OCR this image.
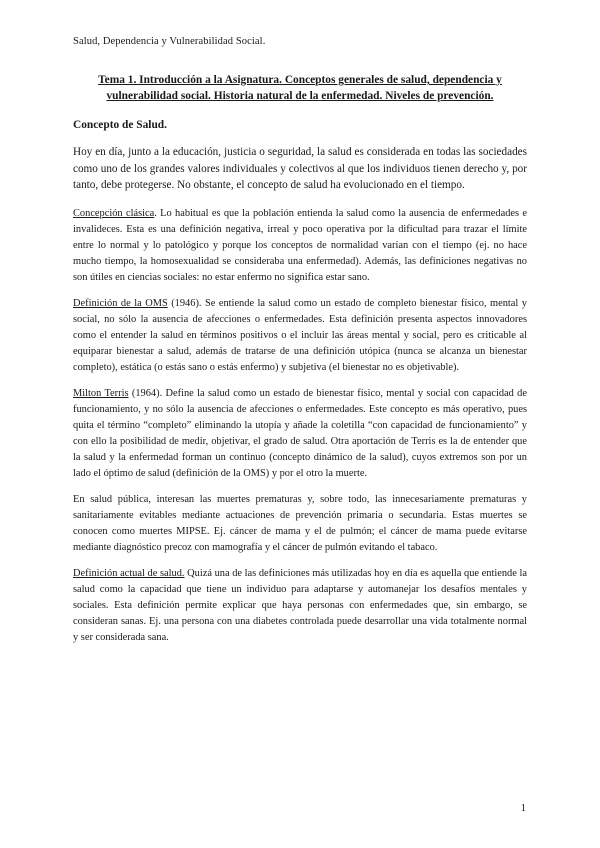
Salud, Dependencia y Vulnerabilidad Social.
Tema 1. Introducción a la Asignatura. Conceptos generales de salud, dependencia y vulnerabilidad social. Historia natural de la enfermedad. Niveles de prevención.
Concepto de Salud.

Hoy en día, junto a la educación, justicia o seguridad, la salud es considerada en todas las sociedades como uno de los grandes valores individuales y colectivos al que los individuos tienen derecho y, por tanto, debe protegerse. No obstante, el concepto de salud ha evolucionado en el tiempo.

Concepción clásica. Lo habitual es que la población entienda la salud como la ausencia de enfermedades e invalideces. Esta es una definición negativa, irreal y poco operativa por la dificultad para trazar el límite entre lo normal y lo patológico y porque los conceptos de normalidad varían con el tiempo (ej. no hace mucho tiempo, la homosexualidad se consideraba una enfermedad). Además, las definiciones negativas no son útiles en ciencias sociales: no estar enfermo no significa estar sano.

Definición de la OMS (1946). Se entiende la salud como un estado de completo bienestar físico, mental y social, no sólo la ausencia de afecciones o enfermedades. Esta definición presenta aspectos innovadores como el entender la salud en términos positivos o el incluir las áreas mental y social, pero es criticable al equiparar bienestar a salud, además de tratarse de una definición utópica (nunca se alcanza un bienestar completo), estática (o estás sano o estás enfermo) y subjetiva (el bienestar no es objetivable).

Milton Terris (1964). Define la salud como un estado de bienestar físico, mental y social con capacidad de funcionamiento, y no sólo la ausencia de afecciones o enfermedades. Este concepto es más operativo, pues quita el término “completo” eliminando la utopía y añade la coletilla “con capacidad de funcionamiento” y con ello la posibilidad de medir, objetivar, el grado de salud. Otra aportación de Terris es la de entender que la salud y la enfermedad forman un continuo (concepto dinámico de la salud), cuyos extremos son por un lado el óptimo de salud (definición de la OMS) y por el otro la muerte.

En salud pública, interesan las muertes prematuras y, sobre todo, las innecesariamente prematuras y sanitariamente evitables mediante actuaciones de prevención primaria o secundaria. Estas muertes se conocen como muertes MIPSE. Ej. cáncer de mama y el de pulmón; el cáncer de mama puede evitarse mediante diagnóstico precoz con mamografía y el cáncer de pulmón evitando el tabaco.

Definición actual de salud. Quizá una de las definiciones más utilizadas hoy en día es aquella que entiende la salud como la capacidad que tiene un individuo para adaptarse y automanejar los desafíos mentales y sociales. Esta definición permite explicar que haya personas con enfermedades que, sin embargo, se consideran sanas. Ej. una persona con una diabetes controlada puede desarrollar una vida totalmente normal y ser considerada sana.

1
